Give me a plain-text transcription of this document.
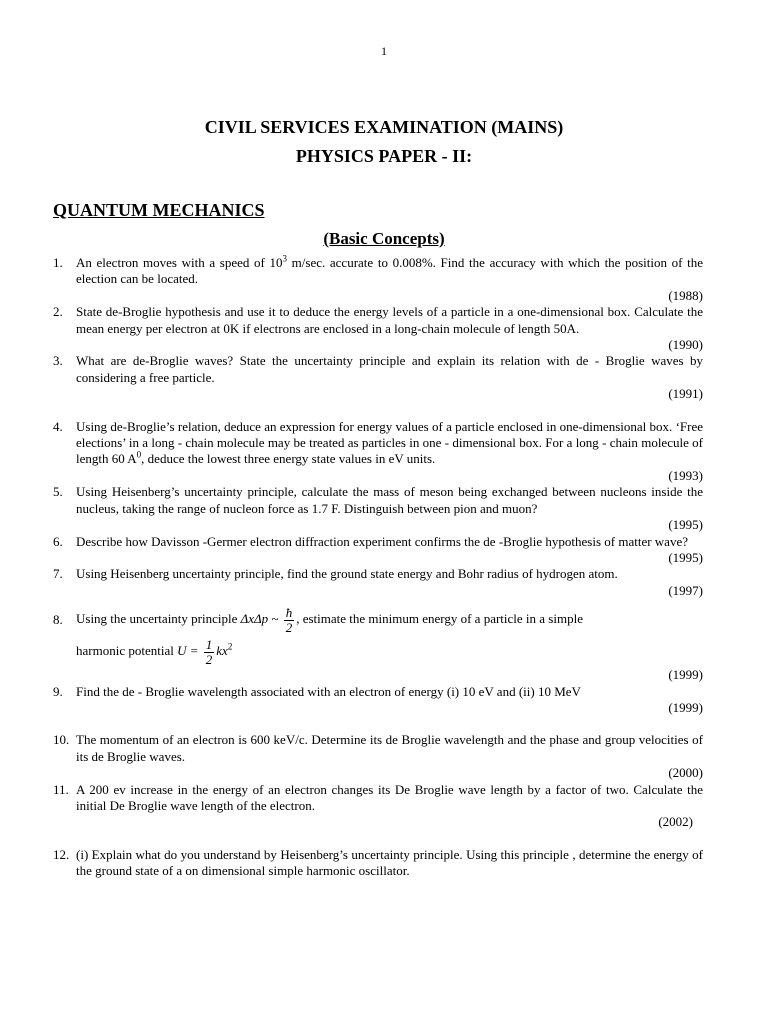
1
CIVIL SERVICES EXAMINATION (MAINS)
PHYSICS PAPER - II:
QUANTUM MECHANICS
(Basic Concepts)
1. An electron moves with a speed of $10^3$ m/sec. accurate to 0.008%. Find the accuracy with which the position of the election can be located.
(1988)
2. State de-Broglie hypothesis and use it to deduce the energy levels of a particle in a one-dimensional box. Calculate the mean energy per electron at 0K if electrons are enclosed in a long-chain molecule of length 50A.
(1990)
3. What are de-Broglie waves? State the uncertainty principle and explain its relation with de - Broglie waves by considering a free particle.
(1991)
4. Using de-Broglie’s relation, deduce an expression for energy values of a particle enclosed in one-dimensional box. ‘Free elections’ in a long - chain molecule may be treated as particles in one - dimensional box. For a long - chain molecule of length 60 $A^0$, deduce the lowest three energy state values in eV units.
(1993)
5. Using Heisenberg’s uncertainty principle, calculate the mass of meson being exchanged between nucleons inside the nucleus, taking the range of nucleon force as 1.7 F. Distinguish between pion and muon?
(1995)
6. Describe how Davisson -Germer electron diffraction experiment confirms the de -Broglie hypothesis of matter wave?
(1995)
7. Using Heisenberg uncertainty principle, find the ground state energy and Bohr radius of hydrogen atom.
(1997)
8. Using the uncertainty principle ΔxΔp ~ $\frac{ħ}{2}$ , estimate the minimum energy of a particle in a simple
harmonic potential $U = \frac{1}{2} kx^2$
(1999)
9. Find the de - Broglie wavelength associated with an electron of energy (i) 10 eV and (ii) 10 MeV
(1999)
10. The momentum of an electron is 600 keV/c. Determine its de Broglie wavelength and the phase and group velocities of its de Broglie waves.
(2000)
11. A 200 ev increase in the energy of an electron changes its De Broglie wave length by a factor of two. Calculate the initial De Broglie wave length of the electron.
(2002)
12. (i) Explain what do you understand by Heisenberg’s uncertainty principle. Using this principle , determine the energy of the ground state of a on dimensional simple harmonic oscillator.
